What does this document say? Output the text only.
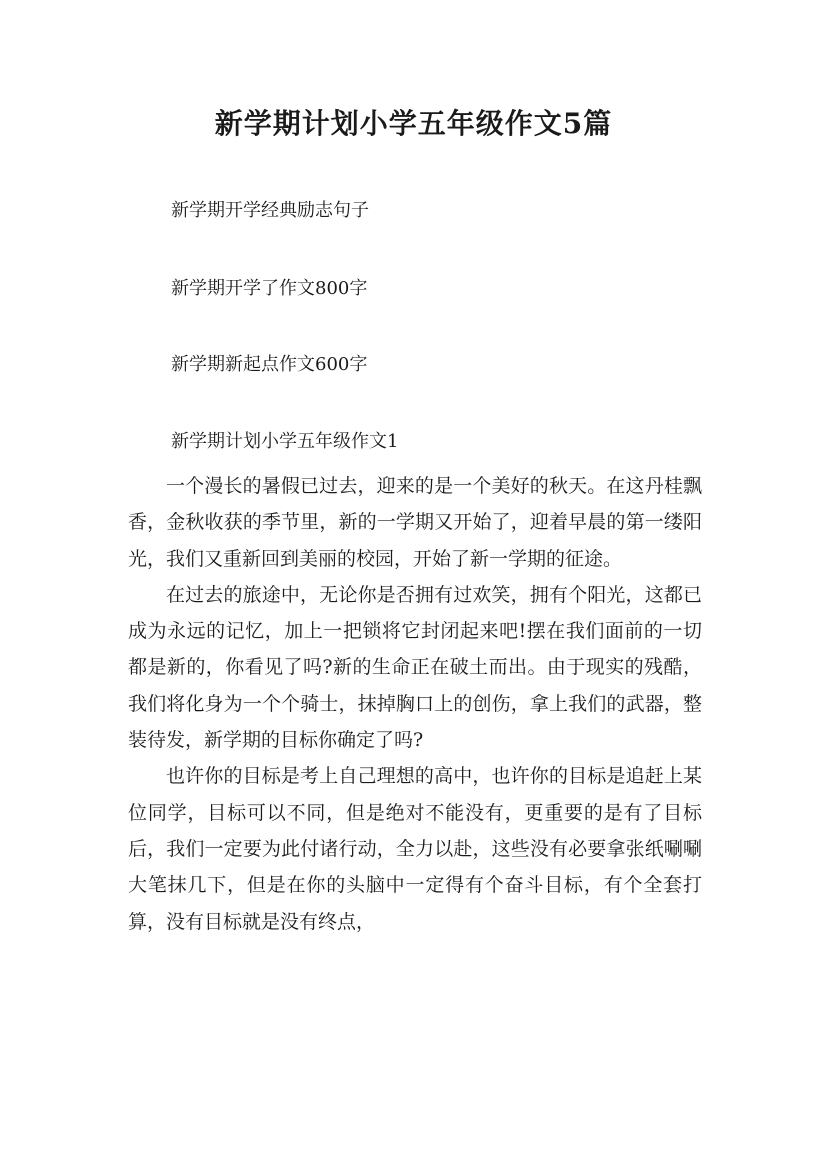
新学期计划小学五年级作文5篇
新学期开学经典励志句子
新学期开学了作文800字
新学期新起点作文600字
新学期计划小学五年级作文1

一个漫长的暑假已过去，迎来的是一个美好的秋天。在这丹桂飘香，金秋收获的季节里，新的一学期又开始了，迎着早晨的第一缕阳光，我们又重新回到美丽的校园，开始了新一学期的征途。

在过去的旅途中，无论你是否拥有过欢笑，拥有个阳光，这都已成为永远的记忆，加上一把锁将它封闭起来吧!摆在我们面前的一切都是新的，你看见了吗?新的生命正在破土而出。由于现实的残酷，我们将化身为一个个骑士，抹掉胸口上的创伤，拿上我们的武器，整装待发，新学期的目标你确定了吗?

也许你的目标是考上自己理想的高中，也许你的目标是追赶上某位同学，目标可以不同，但是绝对不能没有，更重要的是有了目标后，我们一定要为此付诸行动，全力以赴，这些没有必要拿张纸唰唰大笔抹几下，但是在你的头脑中一定得有个奋斗目标，有个全套打算，没有目标就是没有终点，
